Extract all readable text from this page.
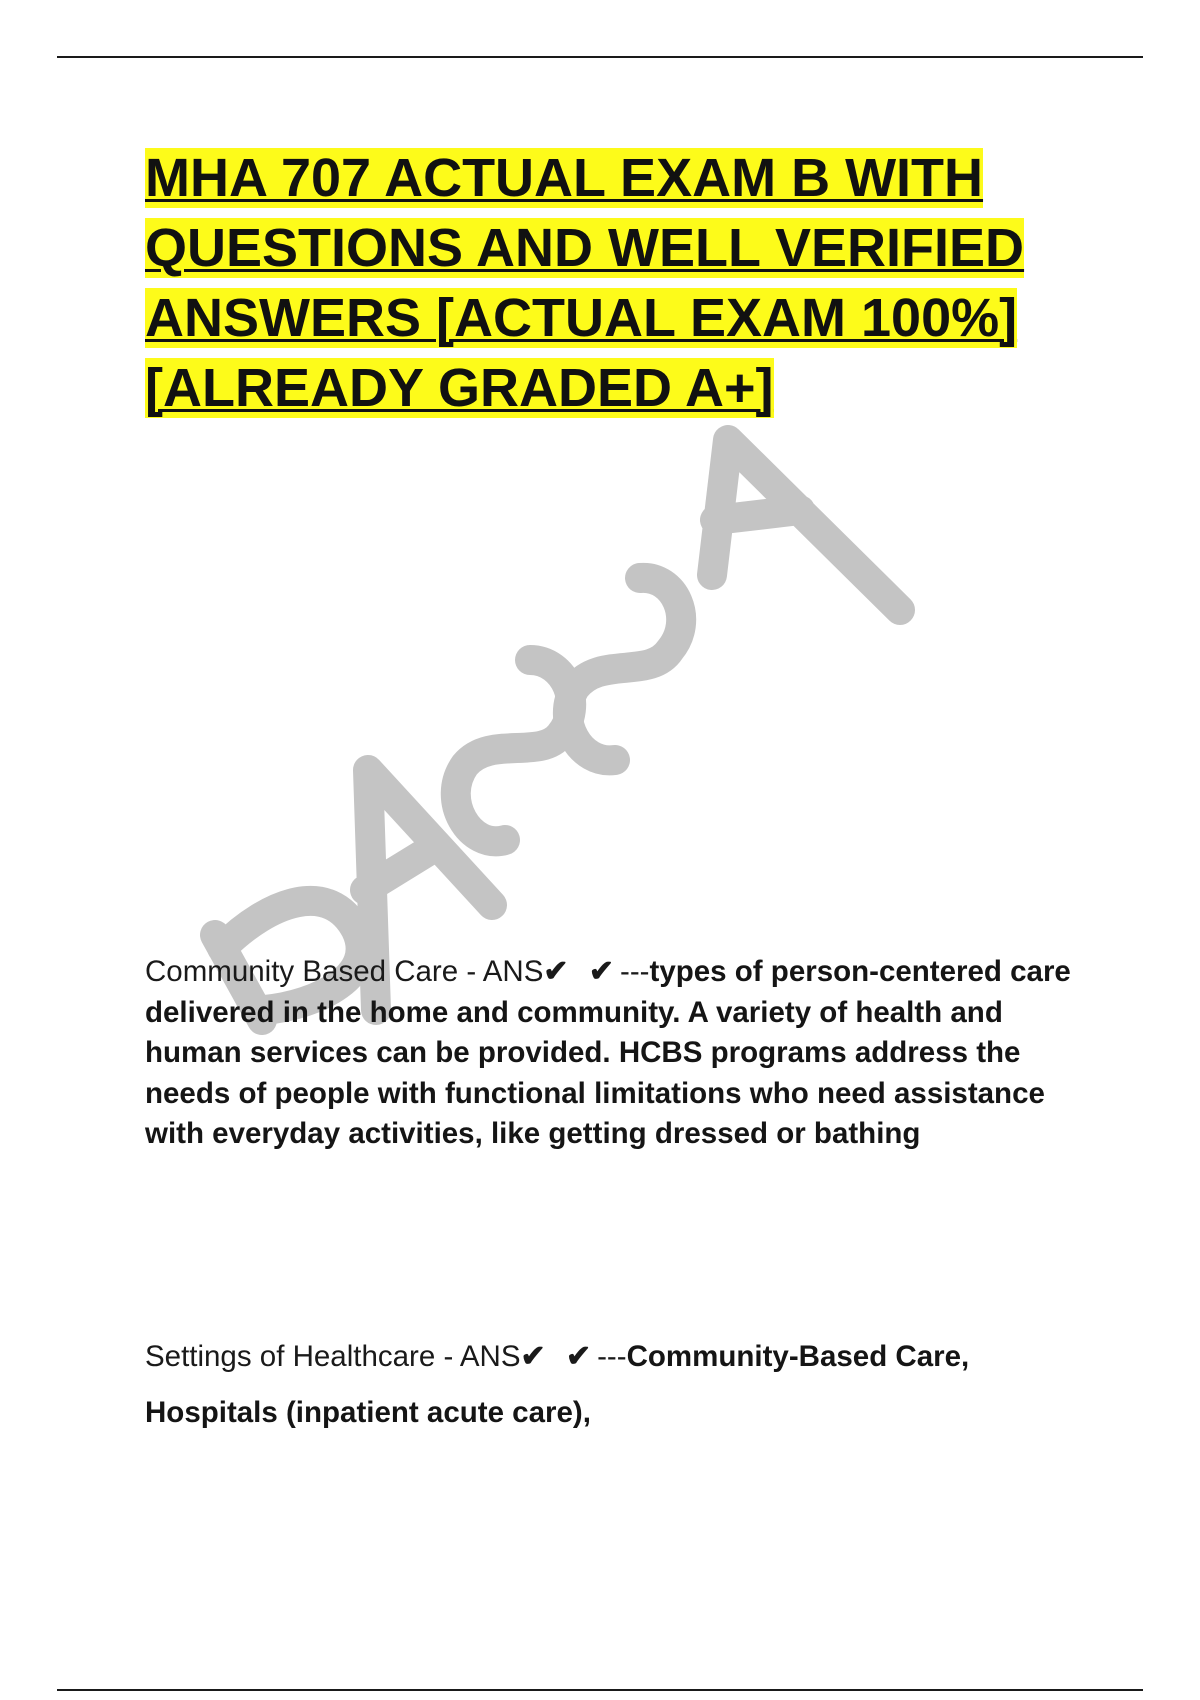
MHA 707 ACTUAL EXAM B WITH QUESTIONS AND WELL VERIFIED ANSWERS [ACTUAL EXAM 100%] [ALREADY GRADED A+]
Community Based Care - ANS✔ ✔---types of person-centered care delivered in the home and community. A variety of health and human services can be provided. HCBS programs address the needs of people with functional limitations who need assistance with everyday activities, like getting dressed or bathing
Settings of Healthcare - ANS✔ ✔---Community-Based Care, Hospitals (inpatient acute care),
